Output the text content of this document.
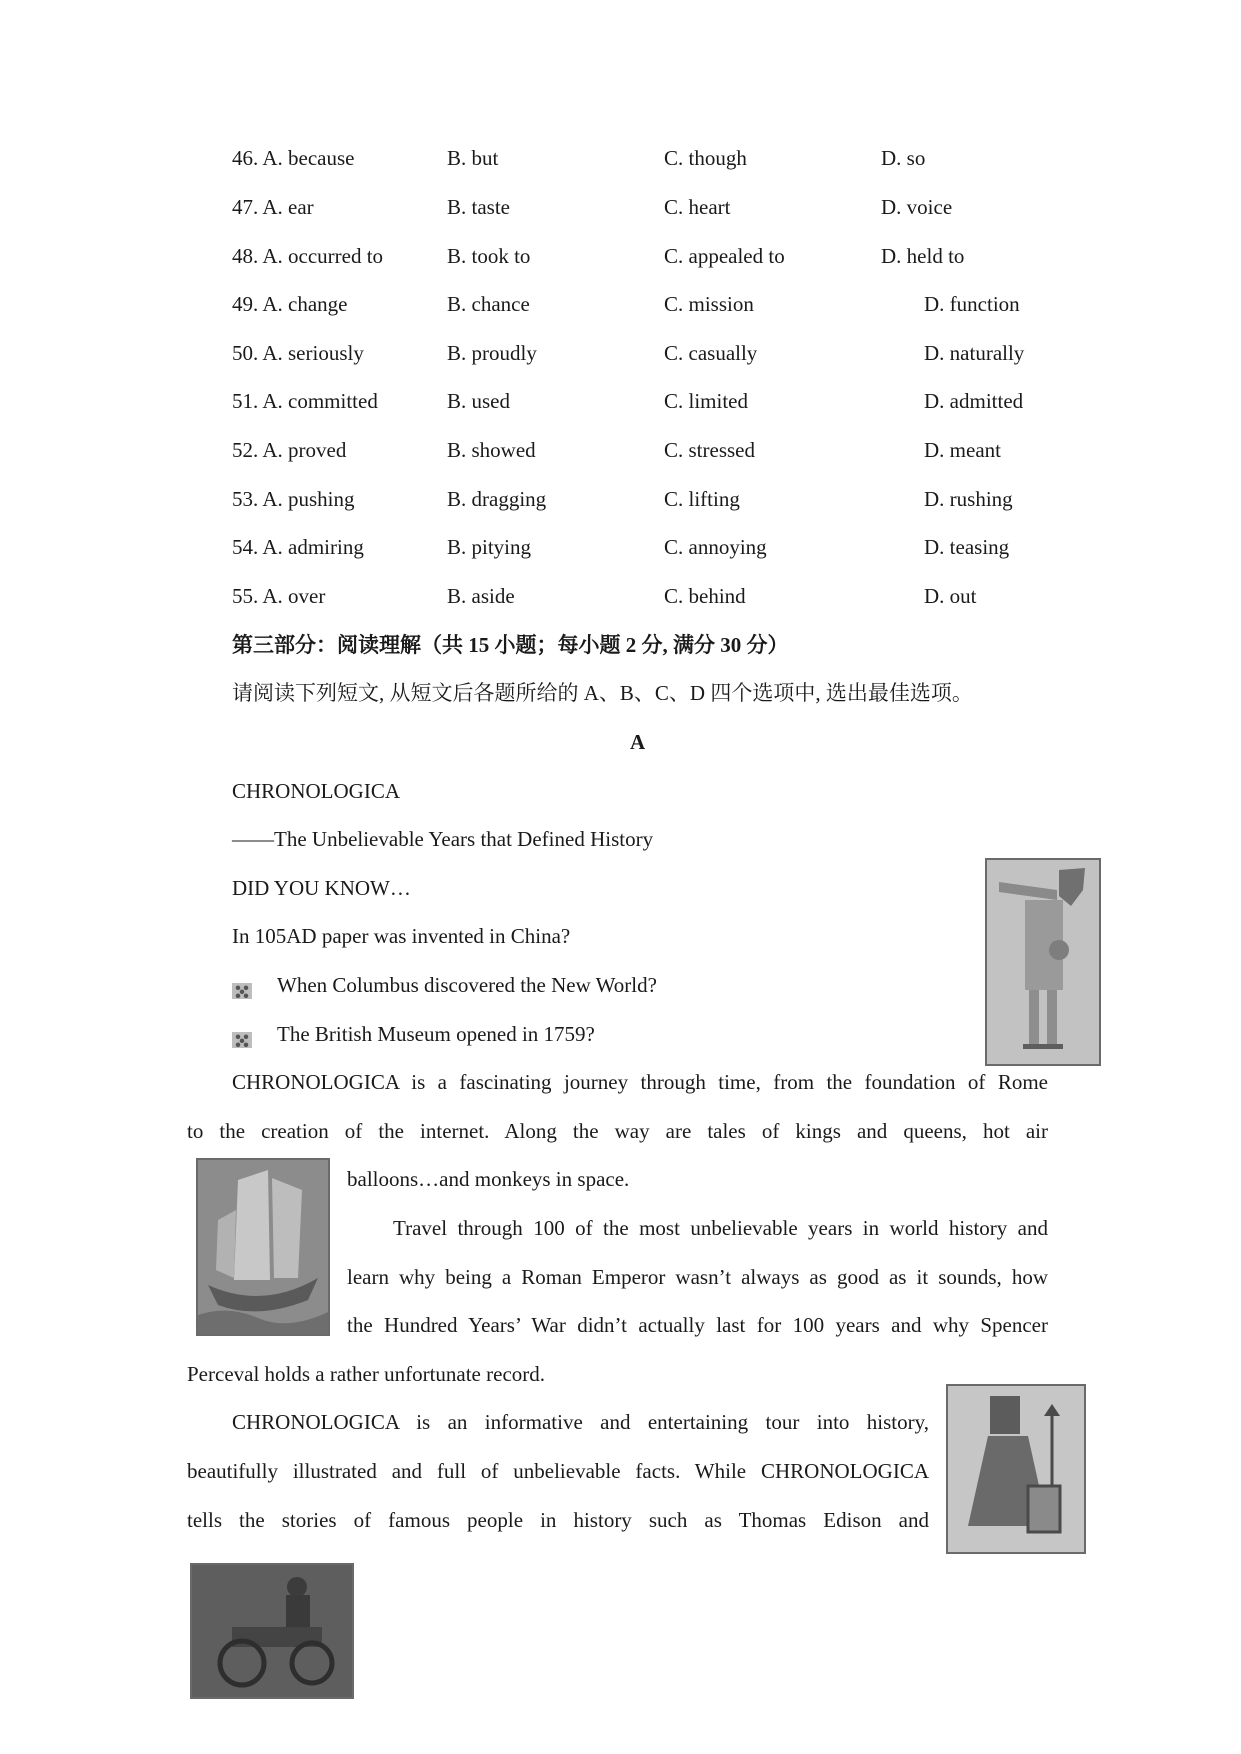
46. A. because	B. but	C. though	D. so
47. A. ear	B. taste	C. heart	D. voice
48. A. occurred to	B. took to	C. appealed to	D. held to
49. A. change	B. chance	C. mission	D. function
50. A. seriously	B. proudly	C. casually	D. naturally
51. A. committed	B. used	C. limited	D. admitted
52. A. proved	B. showed	C. stressed	D. meant
53. A. pushing	B. dragging	C. lifting	D. rushing
54. A. admiring	B. pitying	C. annoying	D. teasing
55. A. over	B. aside	C. behind	D. out
第三部分：阅读理解（共 15 小题；每小题 2 分, 满分 30 分）
请阅读下列短文, 从短文后各题所给的 A、B、C、D 四个选项中, 选出最佳选项。
A
CHRONOLOGICA
——The Unbelievable Years that Defined History
DID YOU KNOW…
In 105AD paper was invented in China?
When Columbus discovered the New World?
The British Museum opened in 1759?
CHRONOLOGICA is a fascinating journey through time, from the foundation of Rome
to the creation of the internet. Along the way are tales of kings and queens, hot air
balloons…and monkeys in space.
Travel through 100 of the most unbelievable years in world history and
learn why being a Roman Emperor wasn’t always as good as it sounds, how
the Hundred Years’ War didn’t actually last for 100 years and why Spencer
Perceval holds a rather unfortunate record.
CHRONOLOGICA is an informative and entertaining tour into history,
beautifully illustrated and full of unbelievable facts. While CHRONOLOGICA
tells the stories of famous people in history such as Thomas Edison and
